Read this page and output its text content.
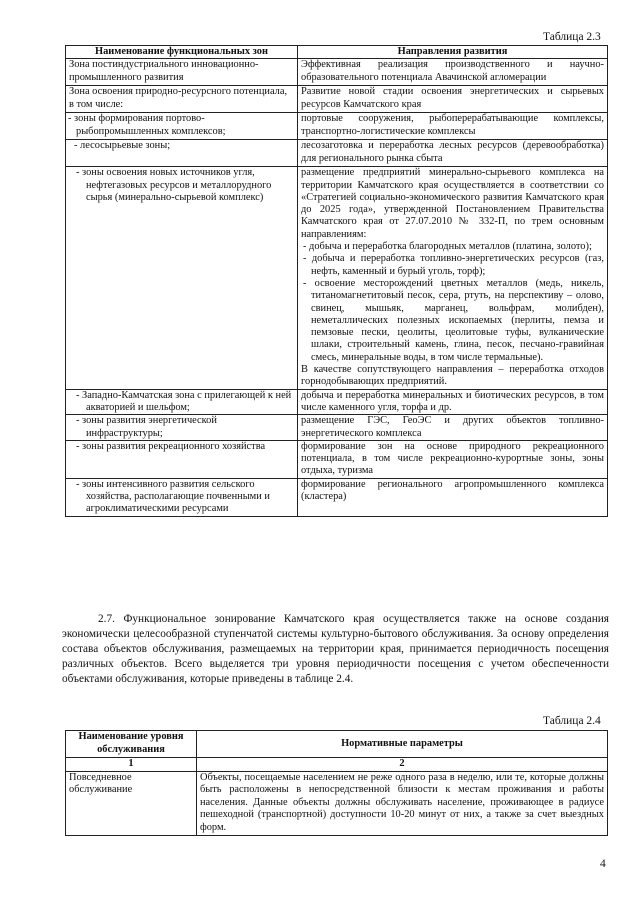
Таблица 2.3
Наименование функциональных зон	Направления развития
Зона постиндустриального инновационно-промышленного развития	Эффективная реализация производственного и научно-образовательного потенциала Авачинской агломерации
Зона освоения природно-ресурсного потенциала, в том числе:	Развитие новой стадии освоения энергетических и сырьевых ресурсов Камчатского края
- зоны формирования портово-рыбопромышленных комплексов;	портовые сооружения, рыбоперерабатывающие комплексы, транспортно-логистические комплексы
- лесосырьевые зоны;	лесозаготовка и переработка лесных ресурсов (деревообработка) для регионального рынка сбыта
- зоны освоения новых источников угля, нефтегазовых ресурсов и металлорудного сырья (минерально-сырьевой комплекс)	размещение предприятий минерально-сырьевого комплекса на территории Камчатского края осуществляется в соответствии со «Стратегией социально-экономического развития Камчатского края до 2025 года», утвержденной Постановлением Правительства Камчатского края от 27.07.2010 № 332-П, по трем основным направлениям:

- добыча и переработка благородных металлов (платина, золото);

- добыча и переработка топливно-энергетических ресурсов (газ, нефть, каменный и бурый уголь, торф);

- освоение месторождений цветных металлов (медь, никель, титаномагнетитовый песок, сера, ртуть, на перспективу – олово, свинец, мышьяк, марганец, вольфрам, молибден), неметаллических полезных ископаемых (перлиты, пемза и пемзовые пески, цеолиты, цеолитовые туфы, вулканические шлаки, строительный камень, глина, песок, песчано-гравийная смесь, минеральные воды, в том числе термальные).

В качестве сопутствующего направления – переработка отходов горнодобывающих предприятий.

- Западно-Камчатская зона с прилегающей к ней акваторией и шельфом;	добыча и переработка минеральных и биотических ресурсов, в том числе каменного угля, торфа и др.
- зоны развития энергетической инфраструктуры;	размещение ГЭС, ГеоЭС и других объектов топливно-энергетического комплекса
- зоны развития рекреационного хозяйства	формирование зон на основе природного рекреационного потенциала, в том числе рекреационно-курортные зоны, зоны отдыха, туризма
- зоны интенсивного развития сельского хозяйства, располагающие почвенными и агроклиматическими ресурсами	формирование регионального агропромышленного комплекса (кластера)
2.7. Функциональное зонирование Камчатского края осуществляется также на основе создания экономически целесообразной ступенчатой системы культурно-бытового обслуживания. За основу определения состава объектов обслуживания, размещаемых на территории края, принимается периодичность посещения различных объектов. Всего выделяется три уровня периодичности посещения с учетом обеспеченности объектами обслуживания, которые приведены в таблице 2.4.
Таблица 2.4
Наименование уровня обслуживания	Нормативные параметры
1	2
Повседневное обслуживание	Объекты, посещаемые населением не реже одного раза в неделю, или те, которые должны быть расположены в непосредственной близости к местам проживания и работы населения. Данные объекты должны обслуживать население, проживающее в радиусе пешеходной (транспортной) доступности 10-20 минут от них, а также за счет выездных форм.
4
